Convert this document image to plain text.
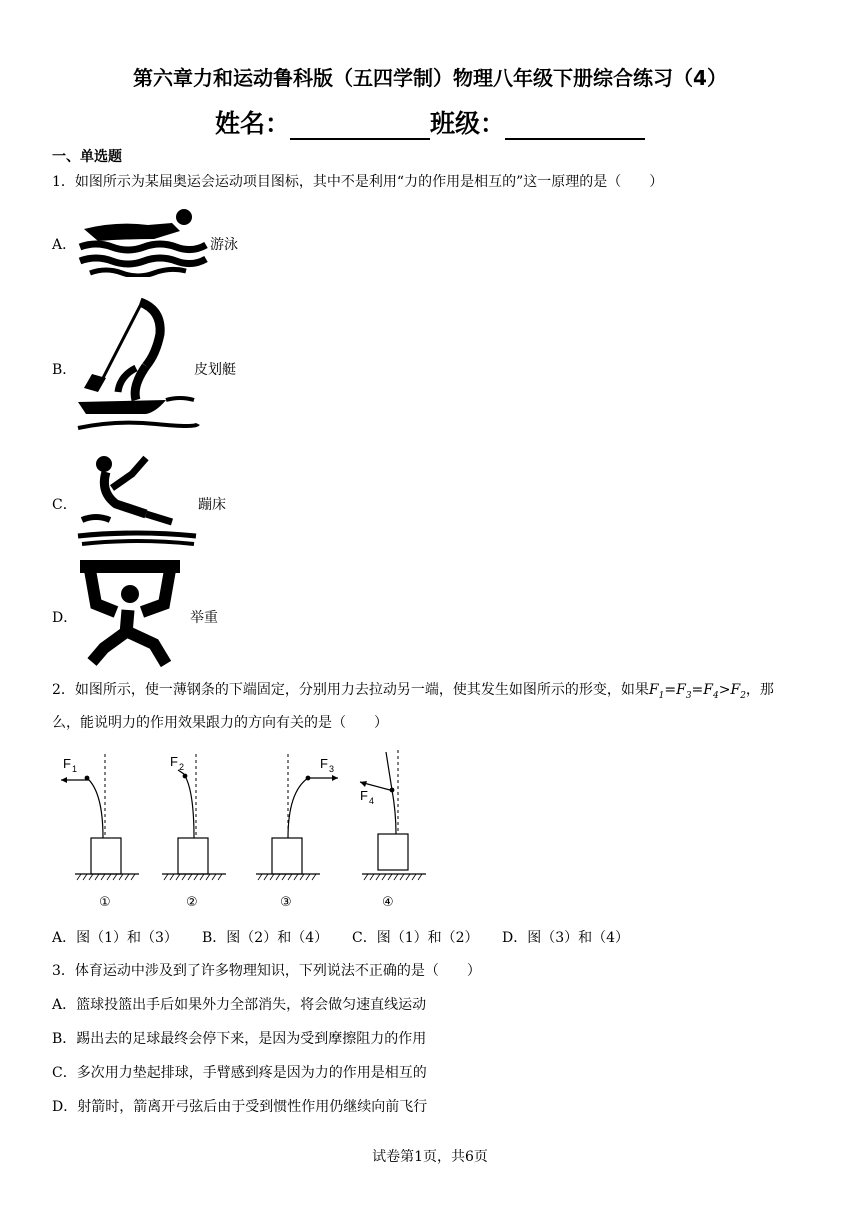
第六章力和运动鲁科版（五四学制）物理八年级下册综合练习（4）
姓名：	班级：
一、单选题
1．如图所示为某届奥运会运动项目图标，其中不是利用“力的作用是相互的”这一原理的是（　　）
A．	游泳
B．	皮划艇
C．	蹦床
D．	举重
2．如图所示，使一薄钢条的下端固定，分别用力去拉动另一端，使其发生如图所示的形变，如果$F_1=F_3=F_4>F_2$，那
么，能说明力的作用效果跟力的方向有关的是（　　）
F 1
①
F 2
②
F 3
③
F 4
④
A．图（1）和（3） B．图（2）和（4） C．图（1）和（2） D．图（3）和（4）
3．体育运动中涉及到了许多物理知识，下列说法不正确的是（　　）
A．篮球投篮出手后如果外力全部消失，将会做匀速直线运动
B．踢出去的足球最终会停下来，是因为受到摩擦阻力的作用
C．多次用力垫起排球，手臂感到疼是因为力的作用是相互的
D．射箭时，箭离开弓弦后由于受到惯性作用仍继续向前飞行
试卷第1页，共6页
